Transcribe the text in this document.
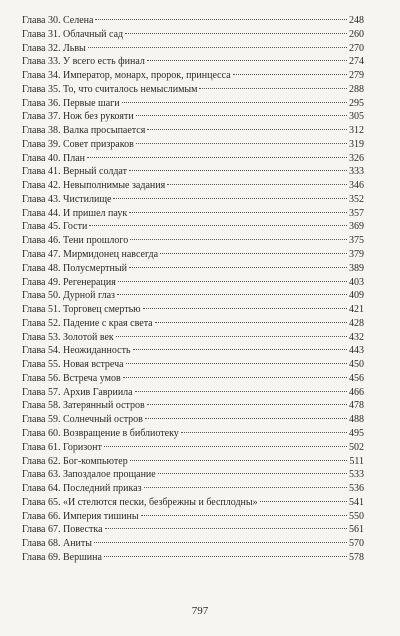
Глава 30. Селена	248
Глава 31. Облачный сад	260
Глава 32. Львы	270
Глава 33. У всего есть финал	274
Глава 34. Император, монарх, пророк, принцесса	279
Глава 35. То, что считалось немыслимым	288
Глава 36. Первые шаги	295
Глава 37. Нож без рукояти	305
Глава 38. Валка просыпается	312
Глава 39. Совет призраков	319
Глава 40. План	326
Глава 41. Верный солдат	333
Глава 42. Невыполнимые задания	346
Глава 43. Чистилище	352
Глава 44. И пришел паук	357
Глава 45. Гости	369
Глава 46. Тени прошлого	375
Глава 47. Мирмидонец навсегда	379
Глава 48. Полусмертный	389
Глава 49. Регенерация	403
Глава 50. Дурной глаз	409
Глава 51. Торговец смертью	421
Глава 52. Падение с края света	428
Глава 53. Золотой век	432
Глава 54. Неожиданность	443
Глава 55. Новая встреча	450
Глава 56. Встреча умов	456
Глава 57. Архив Гавриила	466
Глава 58. Затерянный остров	478
Глава 59. Солнечный остров	488
Глава 60. Возвращение в библиотеку	495
Глава 61. Горизонт	502
Глава 62. Бог-компьютер	511
Глава 63. Запоздалое прощание	533
Глава 64. Последний приказ	536
Глава 65. «И стелются пески, безбрежны и бесплодны»	541
Глава 66. Империя тишины	550
Глава 67. Повестка	561
Глава 68. Аниты	570
Глава 69. Вершина	578
797
